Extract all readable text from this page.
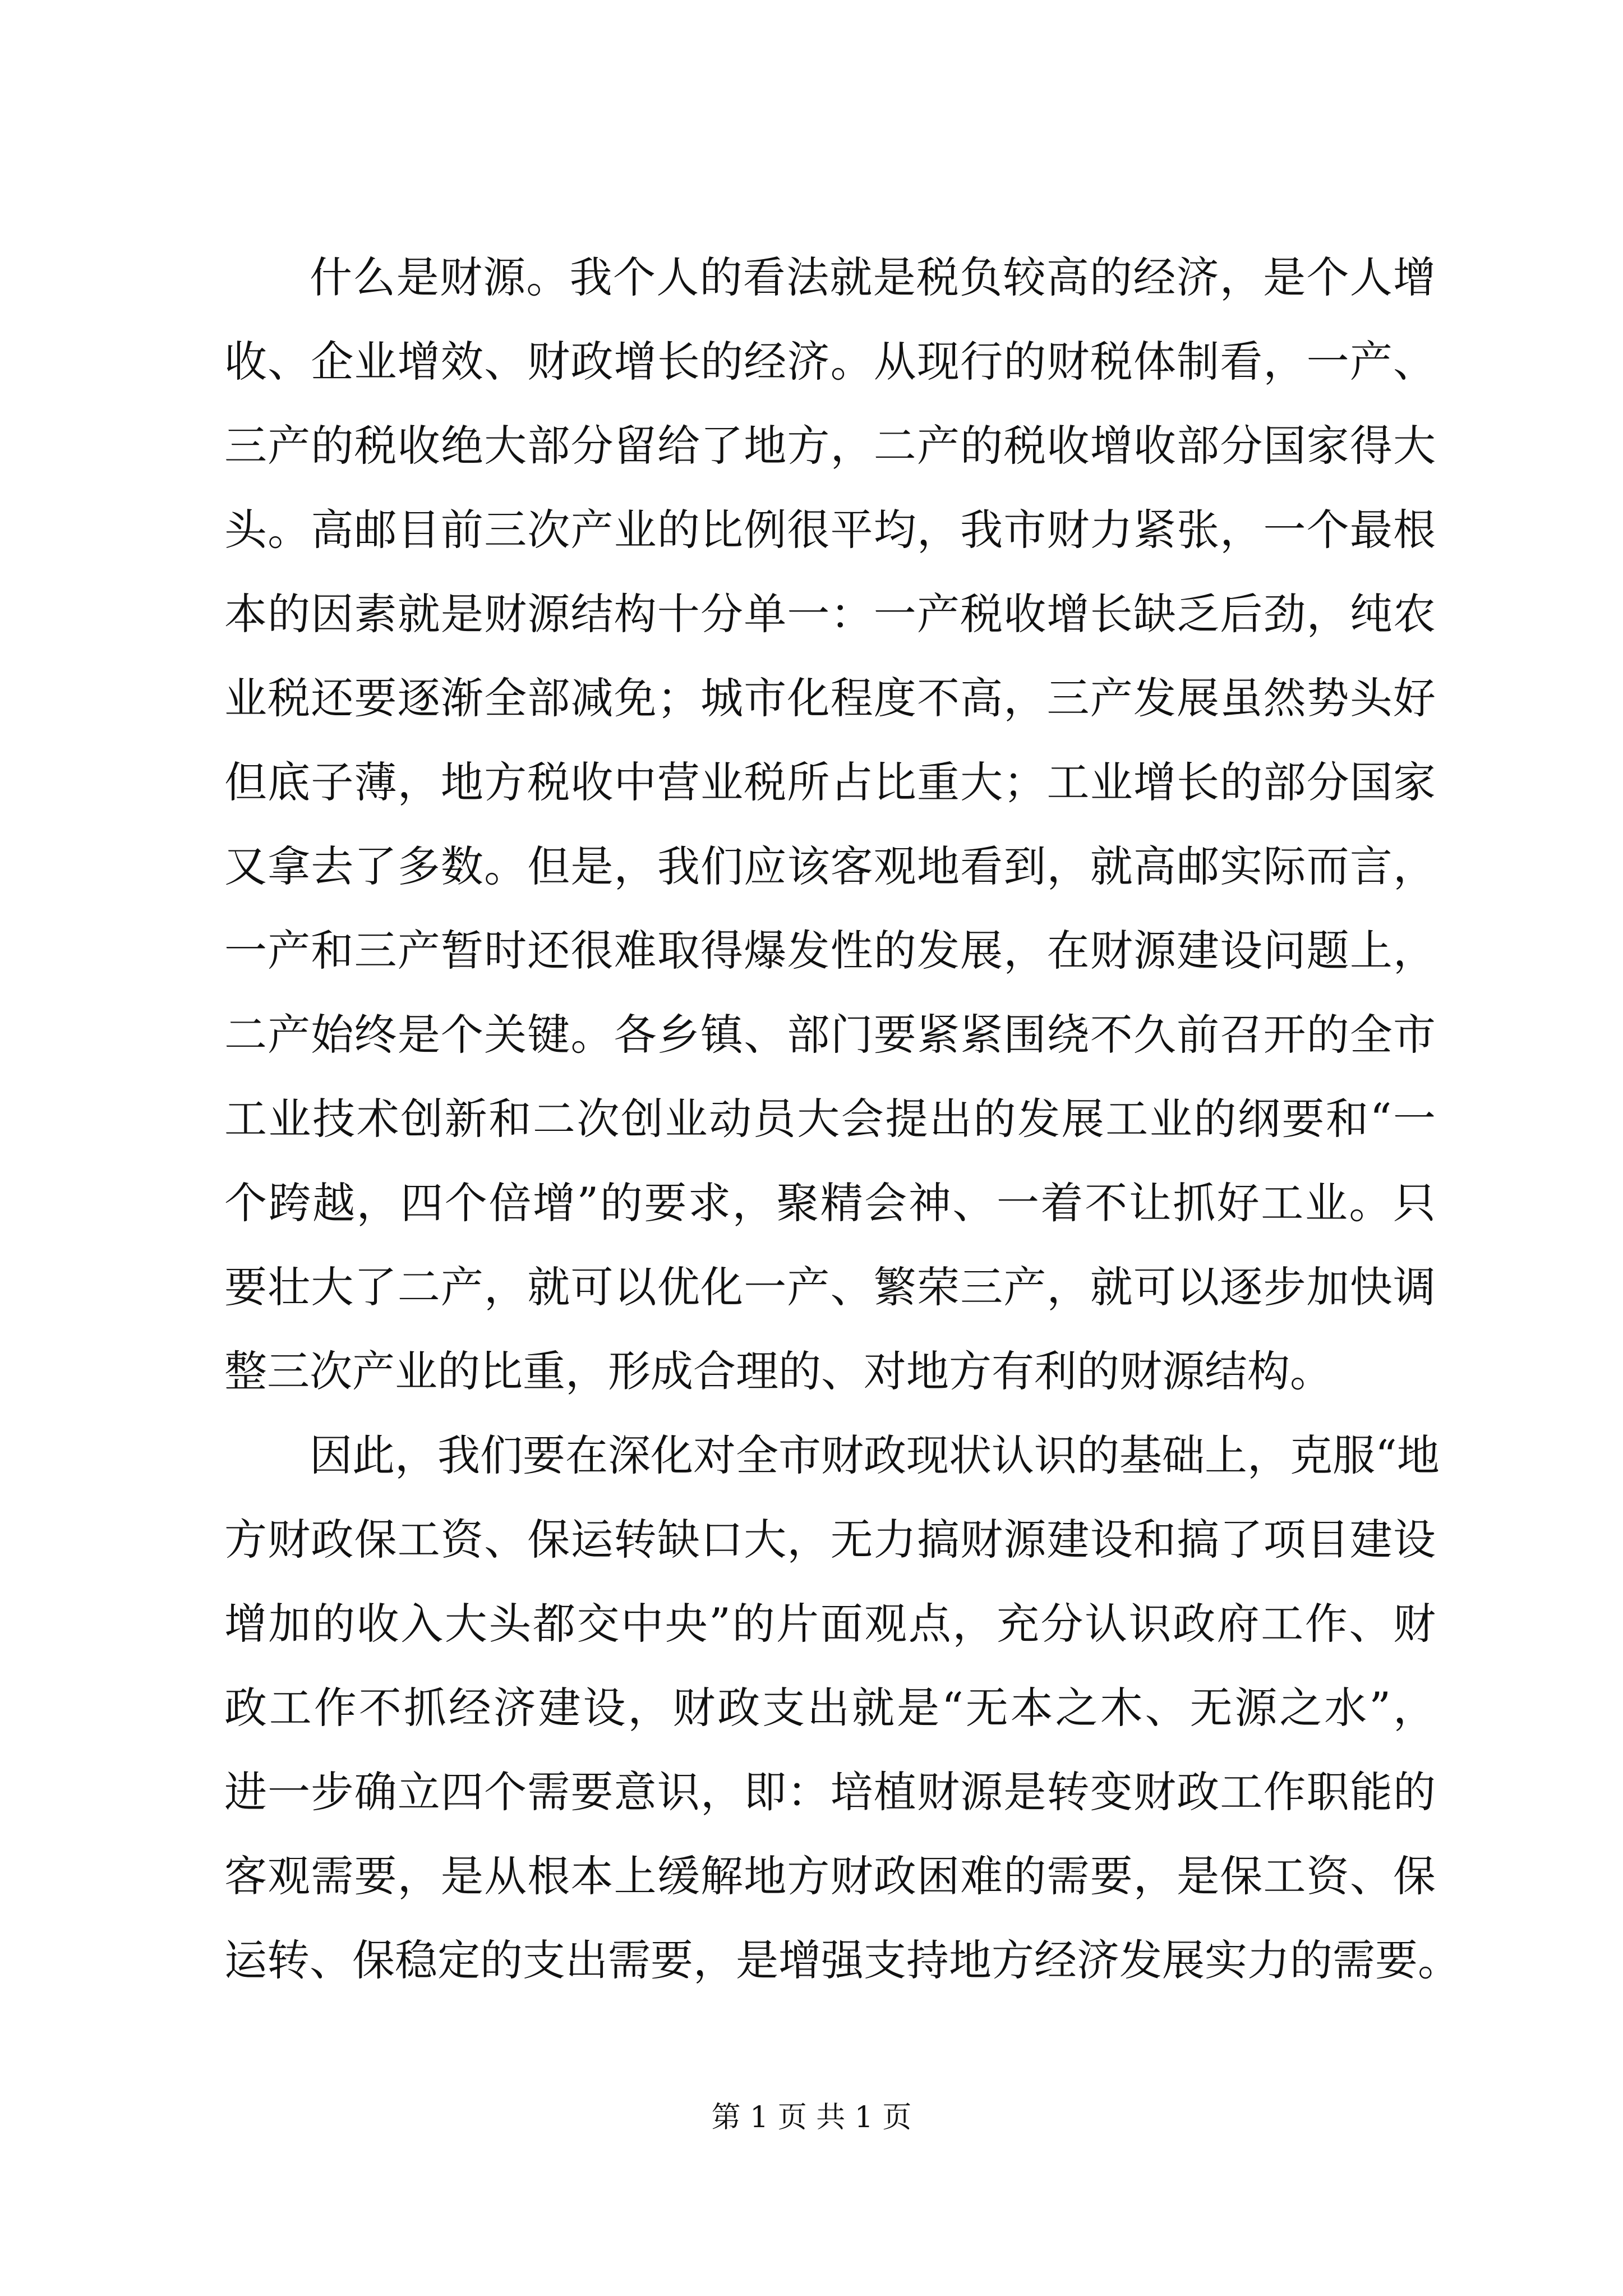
什么是财源。我个人的看法就是税负较高的经济，是个人增
收、企业增效、财政增长的经济。从现行的财税体制看，一产、
三产的税收绝大部分留给了地方，二产的税收增收部分国家得大
头。高邮目前三次产业的比例很平均，我市财力紧张，一个最根
本的因素就是财源结构十分单一：一产税收增长缺乏后劲，纯农
业税还要逐渐全部减免；城市化程度不高，三产发展虽然势头好
但底子薄，地方税收中营业税所占比重大；工业增长的部分国家
又拿去了多数。但是，我们应该客观地看到，就高邮实际而言，
一产和三产暂时还很难取得爆发性的发展，在财源建设问题上，
二产始终是个关键。各乡镇、部门要紧紧围绕不久前召开的全市
工业技术创新和二次创业动员大会提出的发展工业的纲要和“一
个跨越，四个倍增”的要求，聚精会神、一着不让抓好工业。只
要壮大了二产，就可以优化一产、繁荣三产，就可以逐步加快调
整三次产业的比重，形成合理的、对地方有利的财源结构。
因此，我们要在深化对全市财政现状认识的基础上，克服“地
方财政保工资、保运转缺口大，无力搞财源建设和搞了项目建设
增加的收入大头都交中央”的片面观点，充分认识政府工作、财
政工作不抓经济建设，财政支出就是“无本之木、无源之水”，
进一步确立四个需要意识，即：培植财源是转变财政工作职能的
客观需要，是从根本上缓解地方财政困难的需要，是保工资、保
运转、保稳定的支出需要，是增强支持地方经济发展实力的需要。
第 1 页 共 1 页
